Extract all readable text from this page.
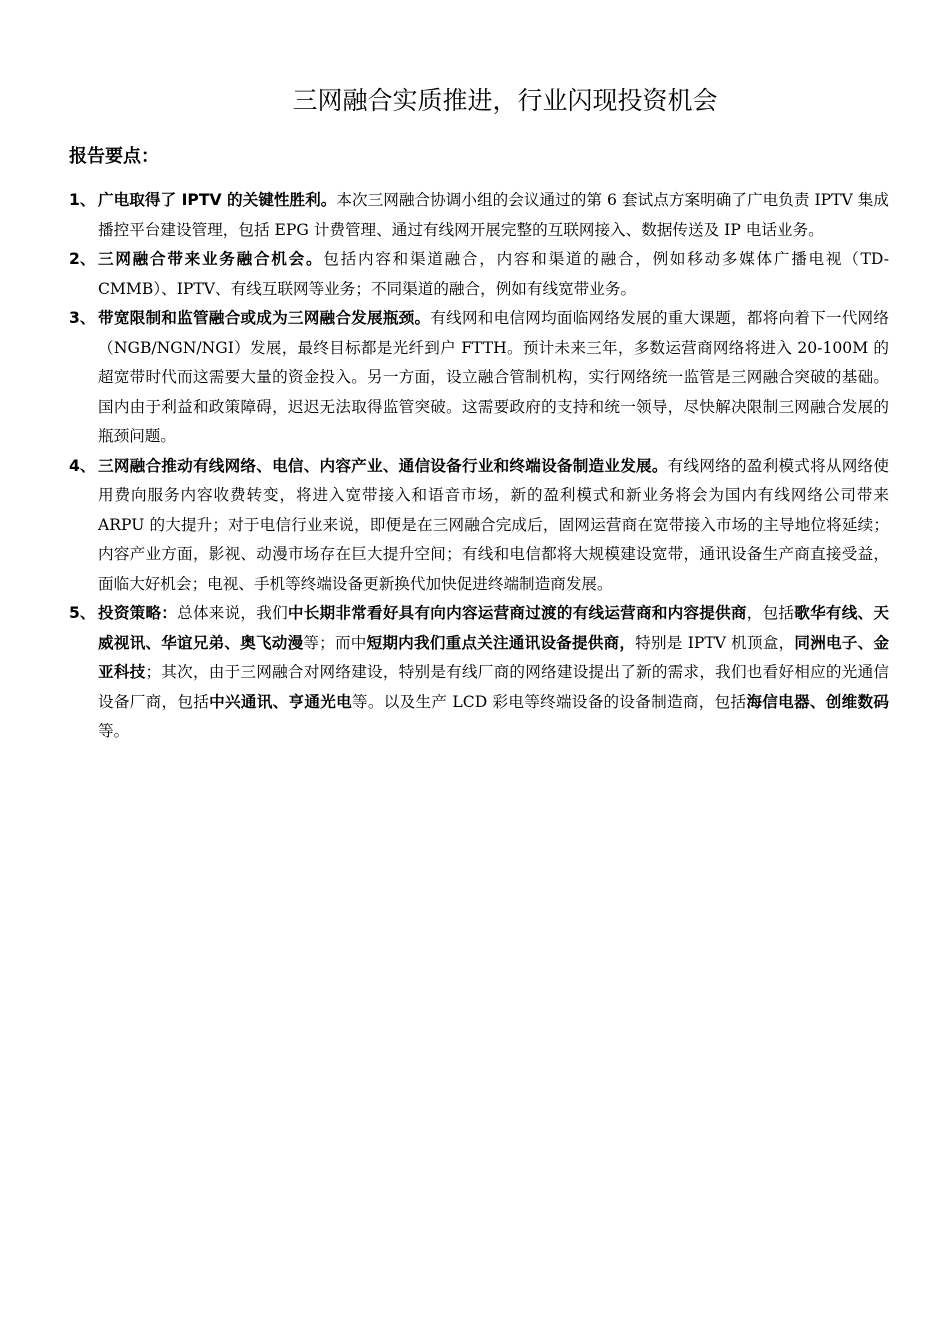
三网融合实质推进，行业闪现投资机会
报告要点：
1、 广电取得了 IPTV 的关键性胜利。本次三网融合协调小组的会议通过的第 6 套试点方案明确了广电负责 IPTV 集成播控平台建设管理，包括 EPG 计费管理、通过有线网开展完整的互联网接入、数据传送及 IP 电话业务。
2、 三网融合带来业务融合机会。包括内容和渠道融合，内容和渠道的融合，例如移动多媒体广播电视（TD-CMMB）、IPTV、有线互联网等业务；不同渠道的融合，例如有线宽带业务。
3、 带宽限制和监管融合或成为三网融合发展瓶颈。有线网和电信网均面临网络发展的重大课题，都将向着下一代网络（NGB/NGN/NGI）发展，最终目标都是光纤到户 FTTH。预计未来三年，多数运营商网络将进入 20-100M 的超宽带时代而这需要大量的资金投入。另一方面，设立融合管制机构，实行网络统一监管是三网融合突破的基础。国内由于利益和政策障碍，迟迟无法取得监管突破。这需要政府的支持和统一领导，尽快解决限制三网融合发展的瓶颈问题。
4、 三网融合推动有线网络、电信、内容产业、通信设备行业和终端设备制造业发展。有线网络的盈利模式将从网络使用费向服务内容收费转变，将进入宽带接入和语音市场，新的盈利模式和新业务将会为国内有线网络公司带来 ARPU 的大提升；对于电信行业来说，即便是在三网融合完成后，固网运营商在宽带接入市场的主导地位将延续；内容产业方面，影视、动漫市场存在巨大提升空间；有线和电信都将大规模建设宽带，通讯设备生产商直接受益，面临大好机会；电视、手机等终端设备更新换代加快促进终端制造商发展。
5、 投资策略：总体来说，我们中长期非常看好具有向内容运营商过渡的有线运营商和内容提供商，包括歌华有线、天威视讯、华谊兄弟、奥飞动漫等；而中短期内我们重点关注通讯设备提供商，特别是 IPTV 机顶盒，同洲电子、金亚科技；其次，由于三网融合对网络建设，特别是有线厂商的网络建设提出了新的需求，我们也看好相应的光通信设备厂商，包括中兴通讯、亨通光电等。以及生产 LCD 彩电等终端设备的设备制造商，包括海信电器、创维数码等。
